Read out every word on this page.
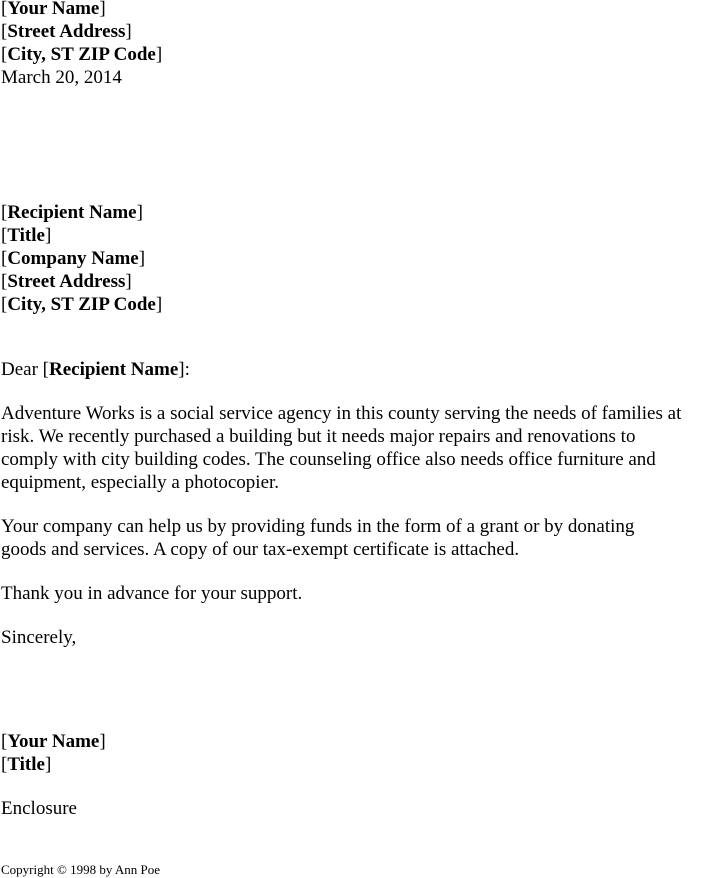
[Your Name]
[Street Address]
[City, ST ZIP Code]
March 20, 2014
[Recipient Name]
[Title]
[Company Name]
[Street Address]
[City, ST ZIP Code]
Dear [Recipient Name]:
Adventure Works is a social service agency in this county serving the needs of families at
risk. We recently purchased a building but it needs major repairs and renovations to
comply with city building codes. The counseling office also needs office furniture and
equipment, especially a photocopier.
Your company can help us by providing funds in the form of a grant or by donating
goods and services. A copy of our tax-exempt certificate is attached.
Thank you in advance for your support.
Sincerely,
[Your Name]
[Title]
Enclosure
Copyright © 1998 by Ann Poe
